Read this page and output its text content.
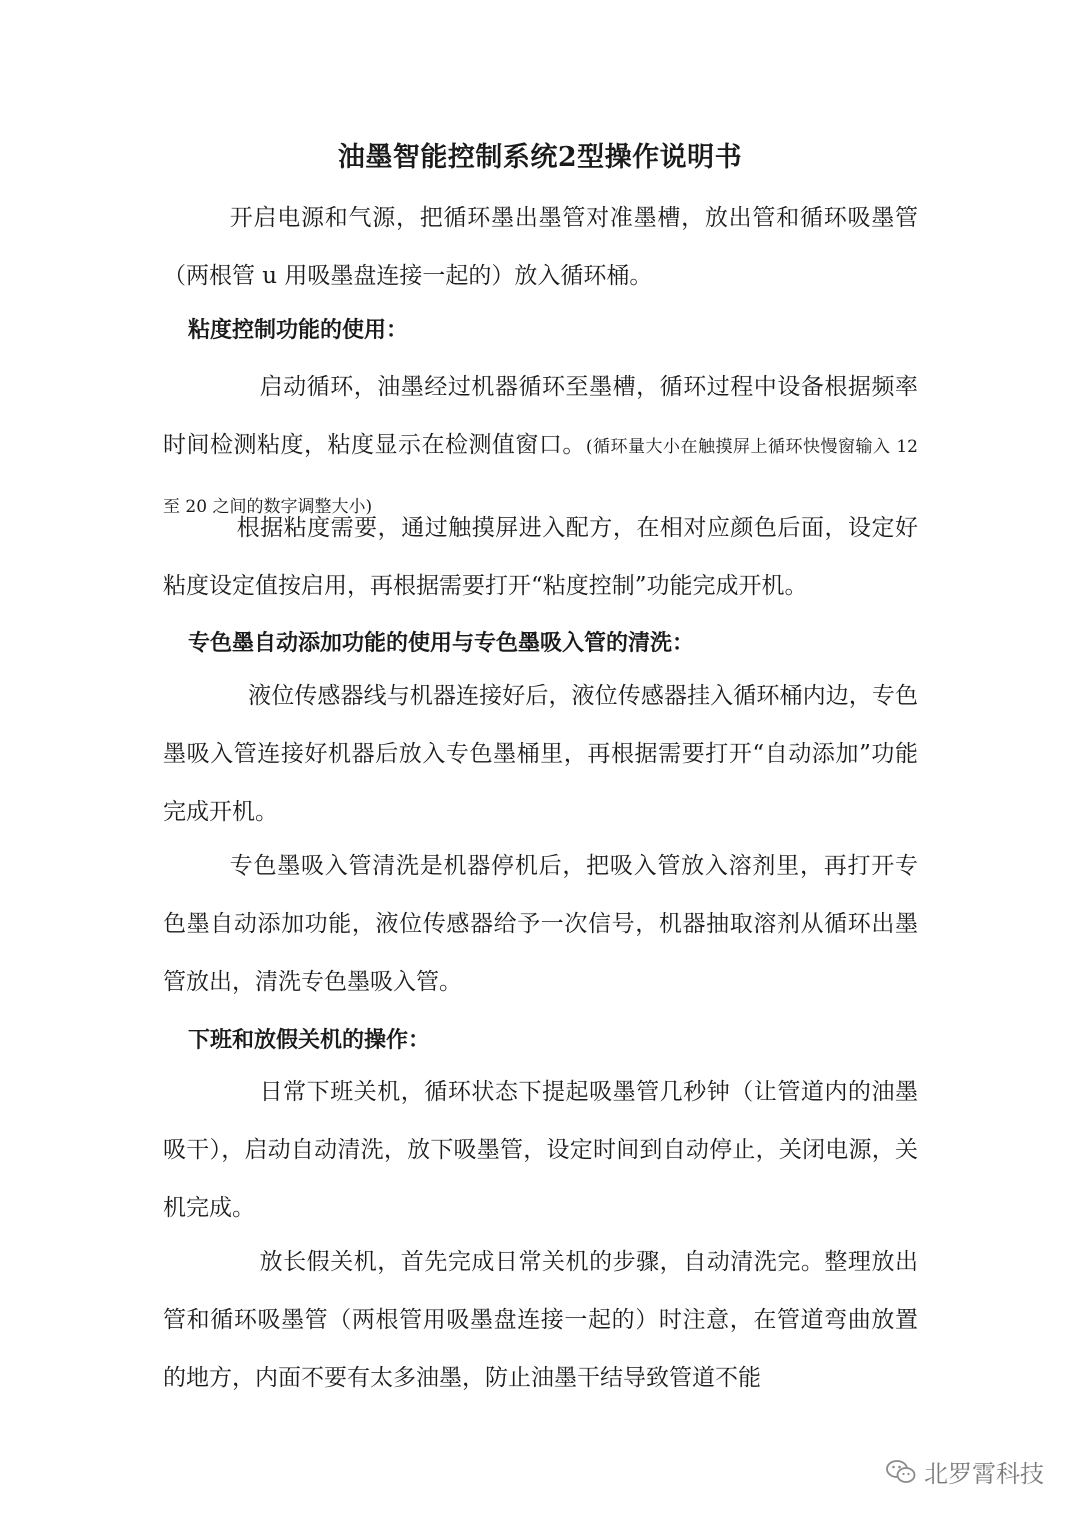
油墨智能控制系统2型操作说明书

开启电源和气源，把循环墨出墨管对准墨槽，放出管和循环吸墨管（两根管 u 用吸墨盘连接一起的）放入循环桶。

粘度控制功能的使用：

启动循环，油墨经过机器循环至墨槽，循环过程中设备根据频率时间检测粘度，粘度显示在检测值窗口。(循环量大小在触摸屏上循环快慢窗输入 12 至 20 之间的数字调整大小)

根据粘度需要，通过触摸屏进入配方，在相对应颜色后面，设定好粘度设定值按启用，再根据需要打开“粘度控制”功能完成开机。

专色墨自动添加功能的使用与专色墨吸入管的清洗：

液位传感器线与机器连接好后，液位传感器挂入循环桶内边，专色墨吸入管连接好机器后放入专色墨桶里，再根据需要打开“自动添加”功能完成开机。

专色墨吸入管清洗是机器停机后，把吸入管放入溶剂里，再打开专色墨自动添加功能，液位传感器给予一次信号，机器抽取溶剂从循环出墨管放出，清洗专色墨吸入管。

下班和放假关机的操作：

日常下班关机，循环状态下提起吸墨管几秒钟（让管道内的油墨吸干），启动自动清洗，放下吸墨管，设定时间到自动停止，关闭电源，关机完成。

放长假关机，首先完成日常关机的步骤，自动清洗完。整理放出管和循环吸墨管（两根管用吸墨盘连接一起的）时注意，在管道弯曲放置的地方，内面不要有太多油墨，防止油墨干结导致管道不能

北罗霄科技
